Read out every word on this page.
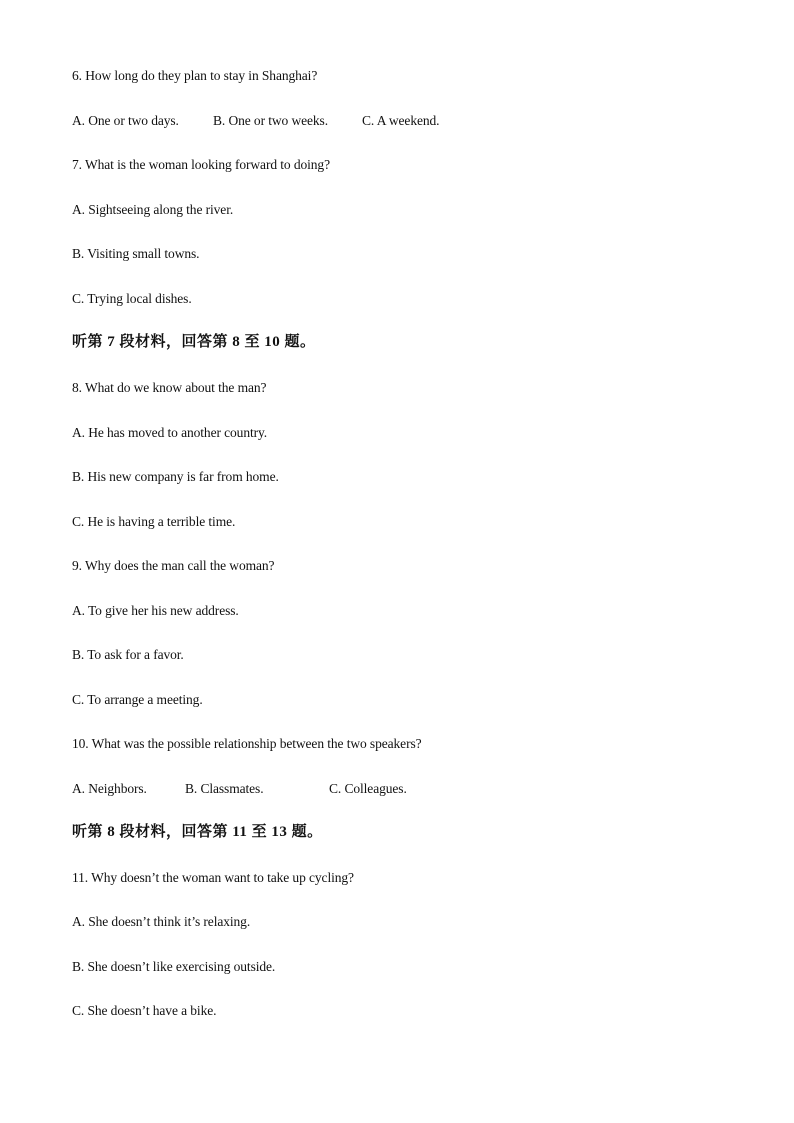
6. How long do they plan to stay in Shanghai?
A. One or two days.	B. One or two weeks.	C. A weekend.
7. What is the woman looking forward to doing?
A. Sightseeing along the river.
B. Visiting small towns.
C. Trying local dishes.
听第 7 段材料，回答第 8 至 10 题。
8. What do we know about the man?
A. He has moved to another country.
B. His new company is far from home.
C. He is having a terrible time.
9. Why does the man call the woman?
A. To give her his new address.
B. To ask for a favor.
C. To arrange a meeting.
10. What was the possible relationship between the two speakers?
A. Neighbors.	B. Classmates.	C. Colleagues.
听第 8 段材料，回答第 11 至 13 题。
11. Why doesn’t the woman want to take up cycling?
A. She doesn’t think it’s relaxing.
B. She doesn’t like exercising outside.
C. She doesn’t have a bike.
